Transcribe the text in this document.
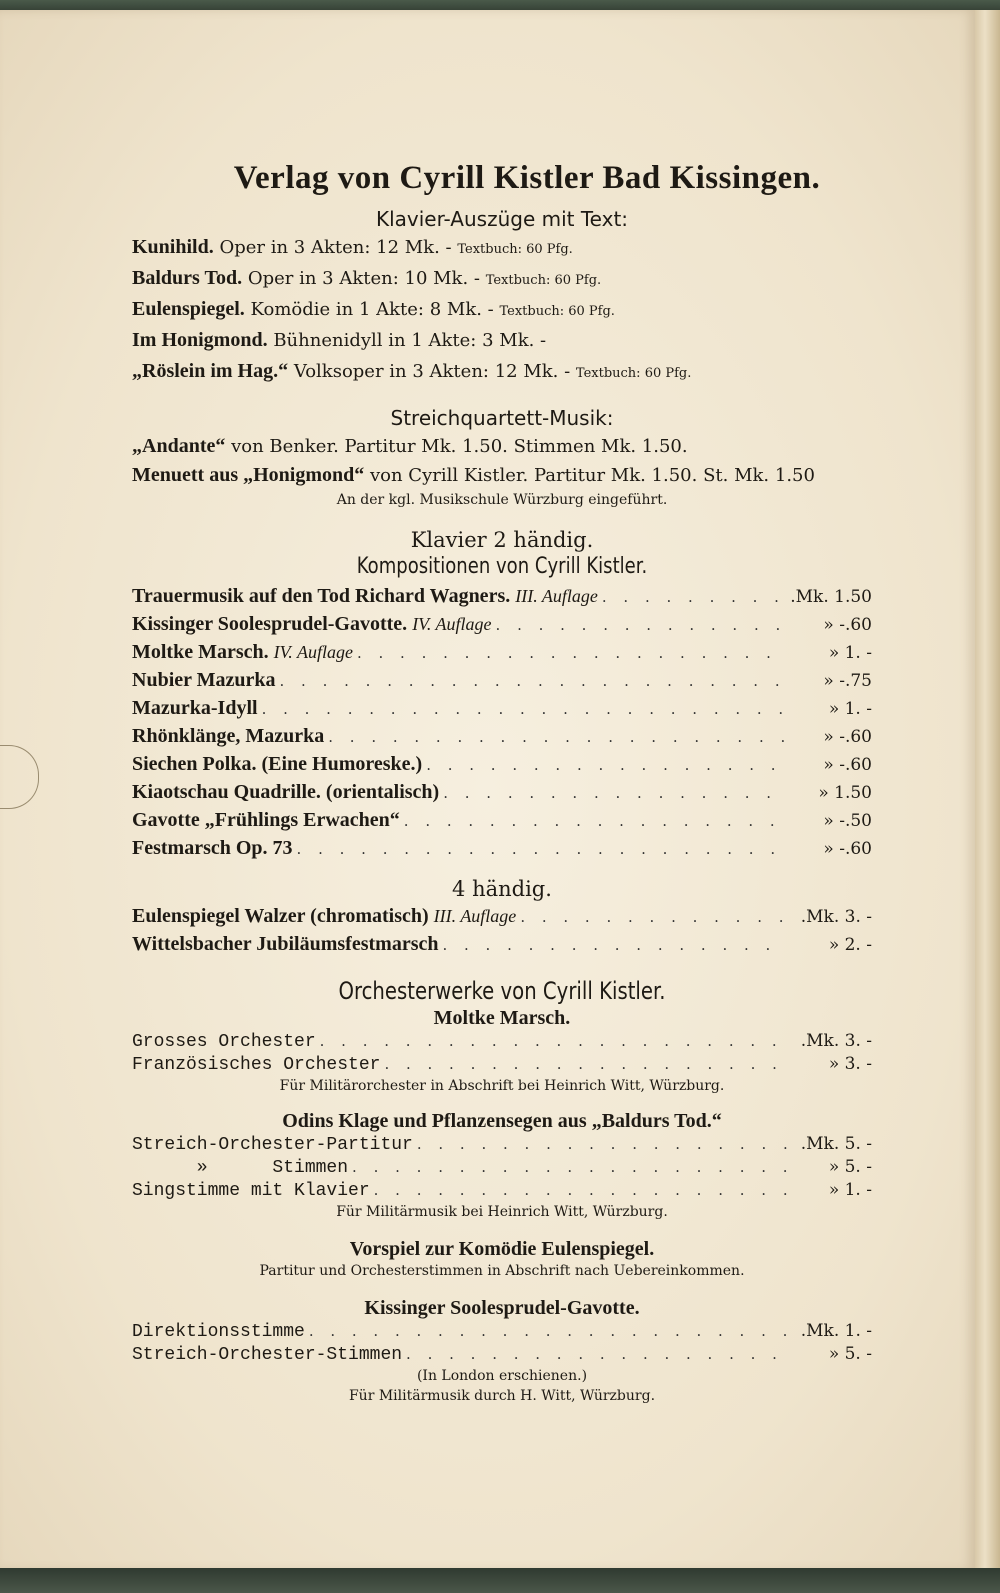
Verlag von Cyrill Kistler Bad Kissingen.
Klavier-Auszüge mit Text:
Kunihild. Oper in 3 Akten: 12 Mk. - Textbuch: 60 Pfg.
Baldurs Tod. Oper in 3 Akten: 10 Mk. - Textbuch: 60 Pfg.
Eulenspiegel. Komödie in 1 Akte: 8 Mk. - Textbuch: 60 Pfg.
Im Honigmond. Bühnenidyll in 1 Akte: 3 Mk. -
„Röslein im Hag.“ Volksoper in 3 Akten: 12 Mk. - Textbuch: 60 Pfg.
Streichquartett-Musik:
„Andante“ von Benker. Partitur Mk. 1.50. Stimmen Mk. 1.50.
Menuett aus „Honigmond“ von Cyrill Kistler. Partitur Mk. 1.50. St. Mk. 1.50
An der kgl. Musikschule Würzburg eingeführt.
Klavier 2 händig.
Kompositionen von Cyrill Kistler.
Trauermusik auf den Tod Richard Wagners. III. Auflage . . .	.Mk. 1.50
Kissinger Soolesprudel-Gavotte. IV. Auflage . . .	» -.60
Moltke Marsch. IV. Auflage . . .	» 1. -
Nubier Mazurka . . .	» -.75
Mazurka-Idyll . . .	» 1. -
Rhönklänge, Mazurka . . .	» -.60
Siechen Polka. (Eine Humoreske.) . . .	» -.60
Kiaotschau Quadrille. (orientalisch) . . .	» 1.50
Gavotte „Frühlings Erwachen“ . . .	» -.50
Festmarsch Op. 73 . . .	» -.60
4 händig.
Eulenspiegel Walzer (chromatisch) III. Auflage . . .	.Mk. 3. -
Wittelsbacher Jubiläumsfestmarsch . . .	» 2. -
Orchesterwerke von Cyrill Kistler.
Moltke Marsch.
Grosses Orchester . . .	.Mk. 3. -
Französisches Orchester . . .	» 3. -
Für Militärorchester in Abschrift bei Heinrich Witt, Würzburg.
Odins Klage und Pflanzensegen aus „Baldurs Tod.“
Streich-Orchester-Partitur . . .	.Mk. 5. -
»      Stimmen . . .	» 5. -
Singstimme mit Klavier . . .	» 1. -
Für Militärmusik bei Heinrich Witt, Würzburg.
Vorspiel zur Komödie Eulenspiegel.
Partitur und Orchesterstimmen in Abschrift nach Uebereinkommen.
Kissinger Soolesprudel-Gavotte.
Direktionsstimme . . .	.Mk. 1. -
Streich-Orchester-Stimmen . . .	» 5. -
(In London erschienen.)
Für Militärmusik durch H. Witt, Würzburg.
